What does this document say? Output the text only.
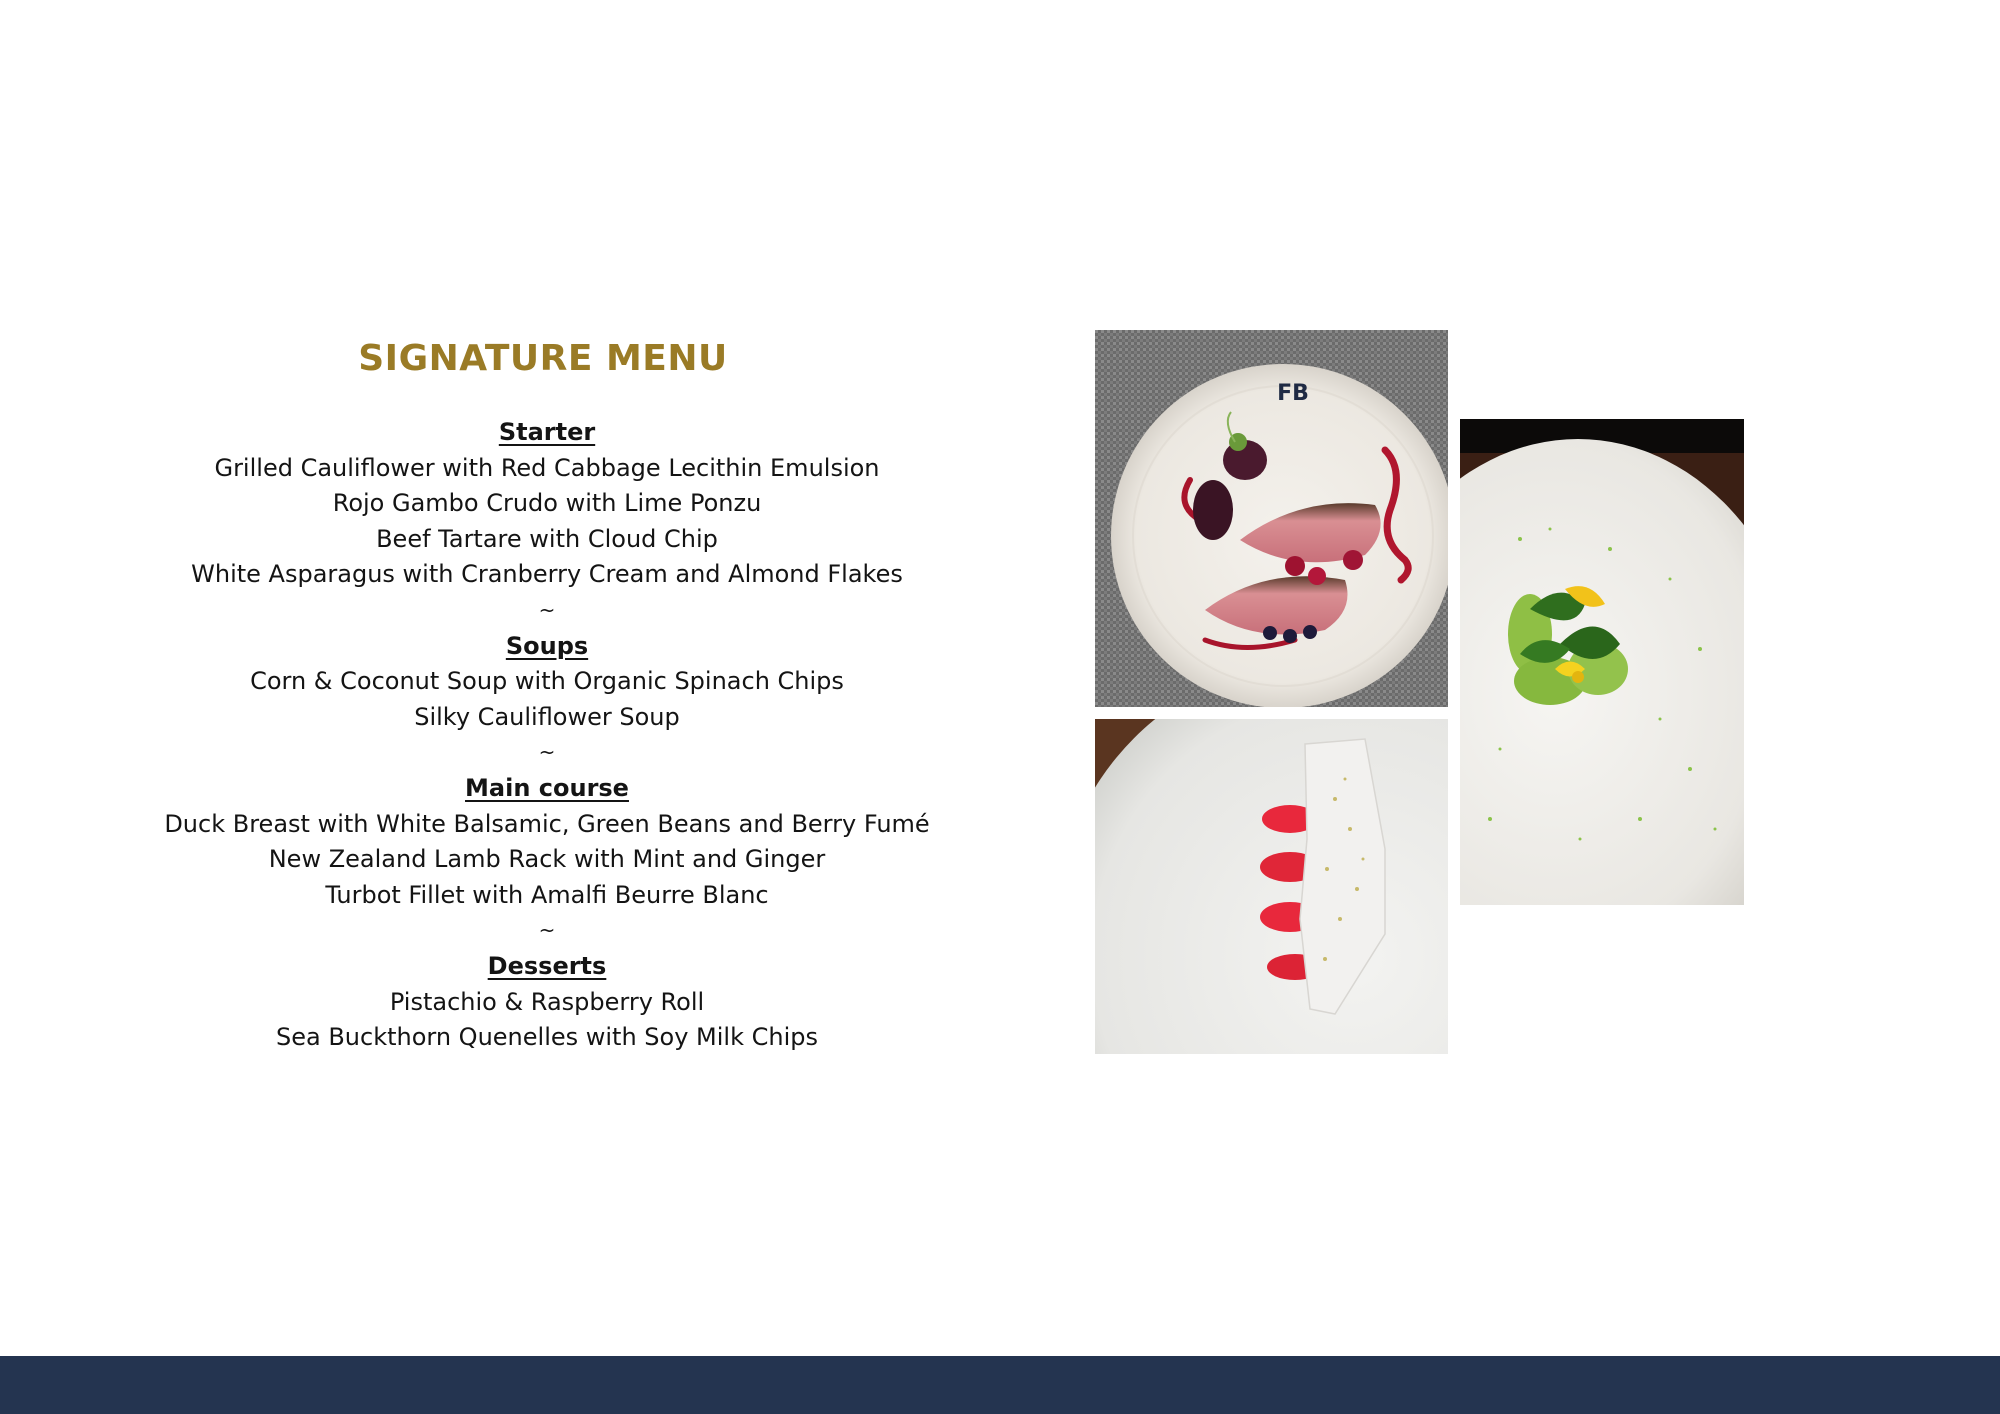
SIGNATURE MENU
Starter
Grilled Cauliflower with Red Cabbage Lecithin Emulsion
Rojo Gambo Crudo with Lime Ponzu
Beef Tartare with Cloud Chip
White Asparagus with Cranberry Cream and Almond Flakes
~
Soups
Corn & Coconut Soup with Organic Spinach Chips
Silky Cauliflower Soup
~
Main course
Duck Breast with White Balsamic, Green Beans and Berry Fumé
New Zealand Lamb Rack with Mint and Ginger
Turbot Fillet with Amalfi Beurre Blanc
~
Desserts
Pistachio & Raspberry Roll
Sea Buckthorn Quenelles with Soy Milk Chips
FB
